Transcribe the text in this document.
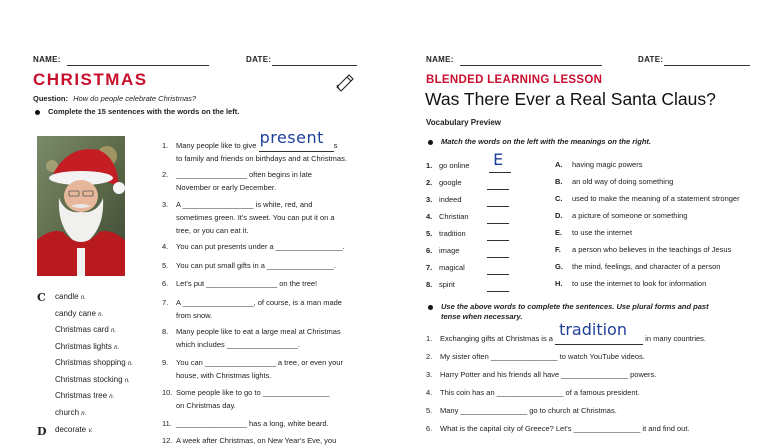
NAME:	DATE:
CHRISTMAS
Question: How do people celebrate Christmas?
Complete the 15 sentences with the words on the left.
C candle n.
candy cane n.
Christmas card n.
Christmas lights n.
Christmas shopping n.
Christmas stocking n.
Christmas tree n.
church n.
D decorate v.
1. Many people like to give present s
to family and friends on birthdays and at Christmas.
2. _________________ often begins in late
November or early December.
3. A _________________ is white, red, and
sometimes green. It's sweet. You can put it on a
tree, or you can eat it.
4. You can put presents under a ________________.
5. You can put small gifts in a ________________.
6. Let's put _________________ on the tree!
7. A _________________, of course, is a man made
from snow.
8. Many people like to eat a large meal at Christmas
which includes _________________.
9. You can _________________ a tree, or even your
house, with Christmas lights.
10. Some people like to go to ________________
on Christmas day.
11. _________________ has a long, white beard.
12. A week after Christmas, on New Year's Eve, you
NAME:	DATE:
BLENDED LEARNING LESSON
Was There Ever a Real Santa Claus?
Vocabulary Preview
Match the words on the left with the meanings on the right.
1. go online E
2. google
3. indeed
4. Christian
5. tradition
6. image
7. magical
8. spirit
A. having magic powers
B. an old way of doing something
C. used to make the meaning of a statement stronger
D. a picture of someone or something
E. to use the internet
F. a person who believes in the teachings of Jesus
G. the mind, feelings, and character of a person
H. to use the internet to look for information
Use the above words to complete the sentences. Use plural forms and past
tense when necessary.
1. Exchanging gifts at Christmas is a tradition in many countries.
2. My sister often ________________ to watch YouTube videos.
3. Harry Potter and his friends all have ________________ powers.
4. This coin has an ________________ of a famous president.
5. Many ________________ go to church at Christmas.
6. What is the capital city of Greece? Let's ________________ it and find out.
